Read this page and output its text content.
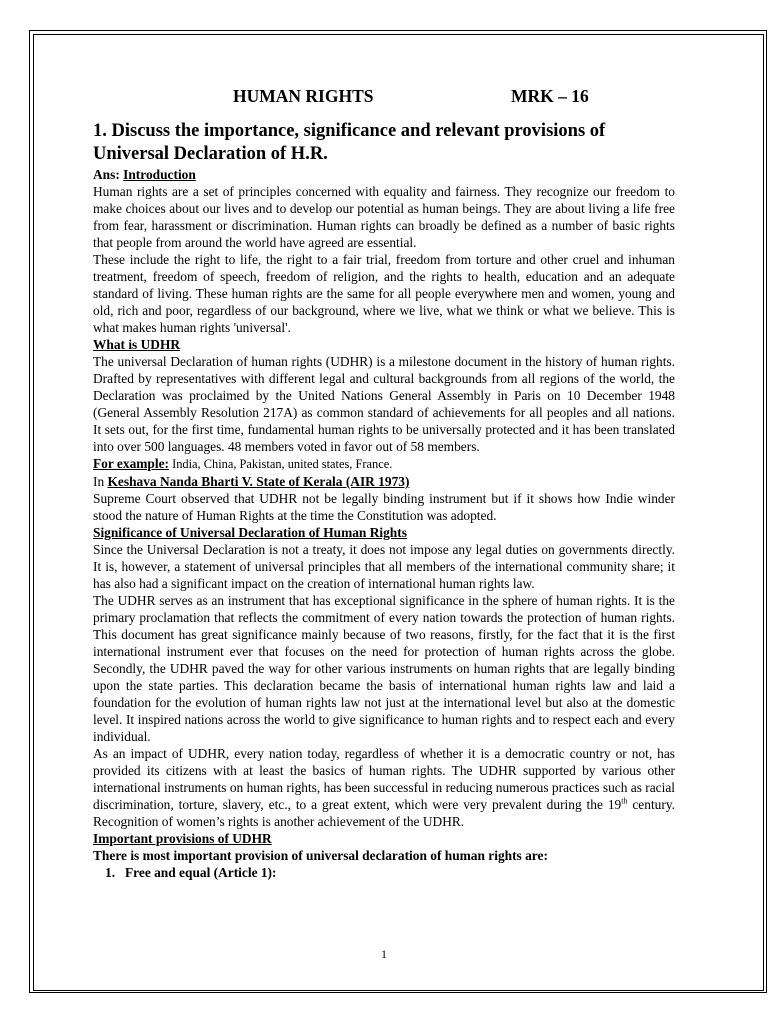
HUMAN RIGHTS	MRK – 16

1. Discuss the importance, significance and relevant provisions of Universal Declaration of H.R.

Ans: Introduction

Human rights are a set of principles concerned with equality and fairness. They recognize our freedom to make choices about our lives and to develop our potential as human beings. They are about living a life free from fear, harassment or discrimination. Human rights can broadly be defined as a number of basic rights that people from around the world have agreed are essential.

These include the right to life, the right to a fair trial, freedom from torture and other cruel and inhuman treatment, freedom of speech, freedom of religion, and the rights to health, education and an adequate standard of living. These human rights are the same for all people everywhere men and women, young and old, rich and poor, regardless of our background, where we live, what we think or what we believe. This is what makes human rights 'universal'.

What is UDHR

The universal Declaration of human rights (UDHR) is a milestone document in the history of human rights. Drafted by representatives with different legal and cultural backgrounds from all regions of the world, the Declaration was proclaimed by the United Nations General Assembly in Paris on 10 December 1948 (General Assembly Resolution 217A) as common standard of achievements for all peoples and all nations. It sets out, for the first time, fundamental human rights to be universally protected and it has been translated into over 500 languages. 48 members voted in favor out of 58 members.

For example: India, China, Pakistan, united states, France.

In Keshava Nanda Bharti V. State of Kerala (AIR 1973)

Supreme Court observed that UDHR not be legally binding instrument but if it shows how Indie winder stood the nature of Human Rights at the time the Constitution was adopted.

Significance of Universal Declaration of Human Rights

Since the Universal Declaration is not a treaty, it does not impose any legal duties on governments directly. It is, however, a statement of universal principles that all members of the international community share; it has also had a significant impact on the creation of international human rights law.

The UDHR serves as an instrument that has exceptional significance in the sphere of human rights. It is the primary proclamation that reflects the commitment of every nation towards the protection of human rights. This document has great significance mainly because of two reasons, firstly, for the fact that it is the first international instrument ever that focuses on the need for protection of human rights across the globe. Secondly, the UDHR paved the way for other various instruments on human rights that are legally binding upon the state parties. This declaration became the basis of international human rights law and laid a foundation for the evolution of human rights law not just at the international level but also at the domestic level. It inspired nations across the world to give significance to human rights and to respect each and every individual.

As an impact of UDHR, every nation today, regardless of whether it is a democratic country or not, has provided its citizens with at least the basics of human rights. The UDHR supported by various other international instruments on human rights, has been successful in reducing numerous practices such as racial discrimination, torture, slavery, etc., to a great extent, which were very prevalent during the 19th century. Recognition of women’s rights is another achievement of the UDHR.

Important provisions of UDHR

There is most important provision of universal declaration of human rights are:

1. Free and equal (Article 1):

1
